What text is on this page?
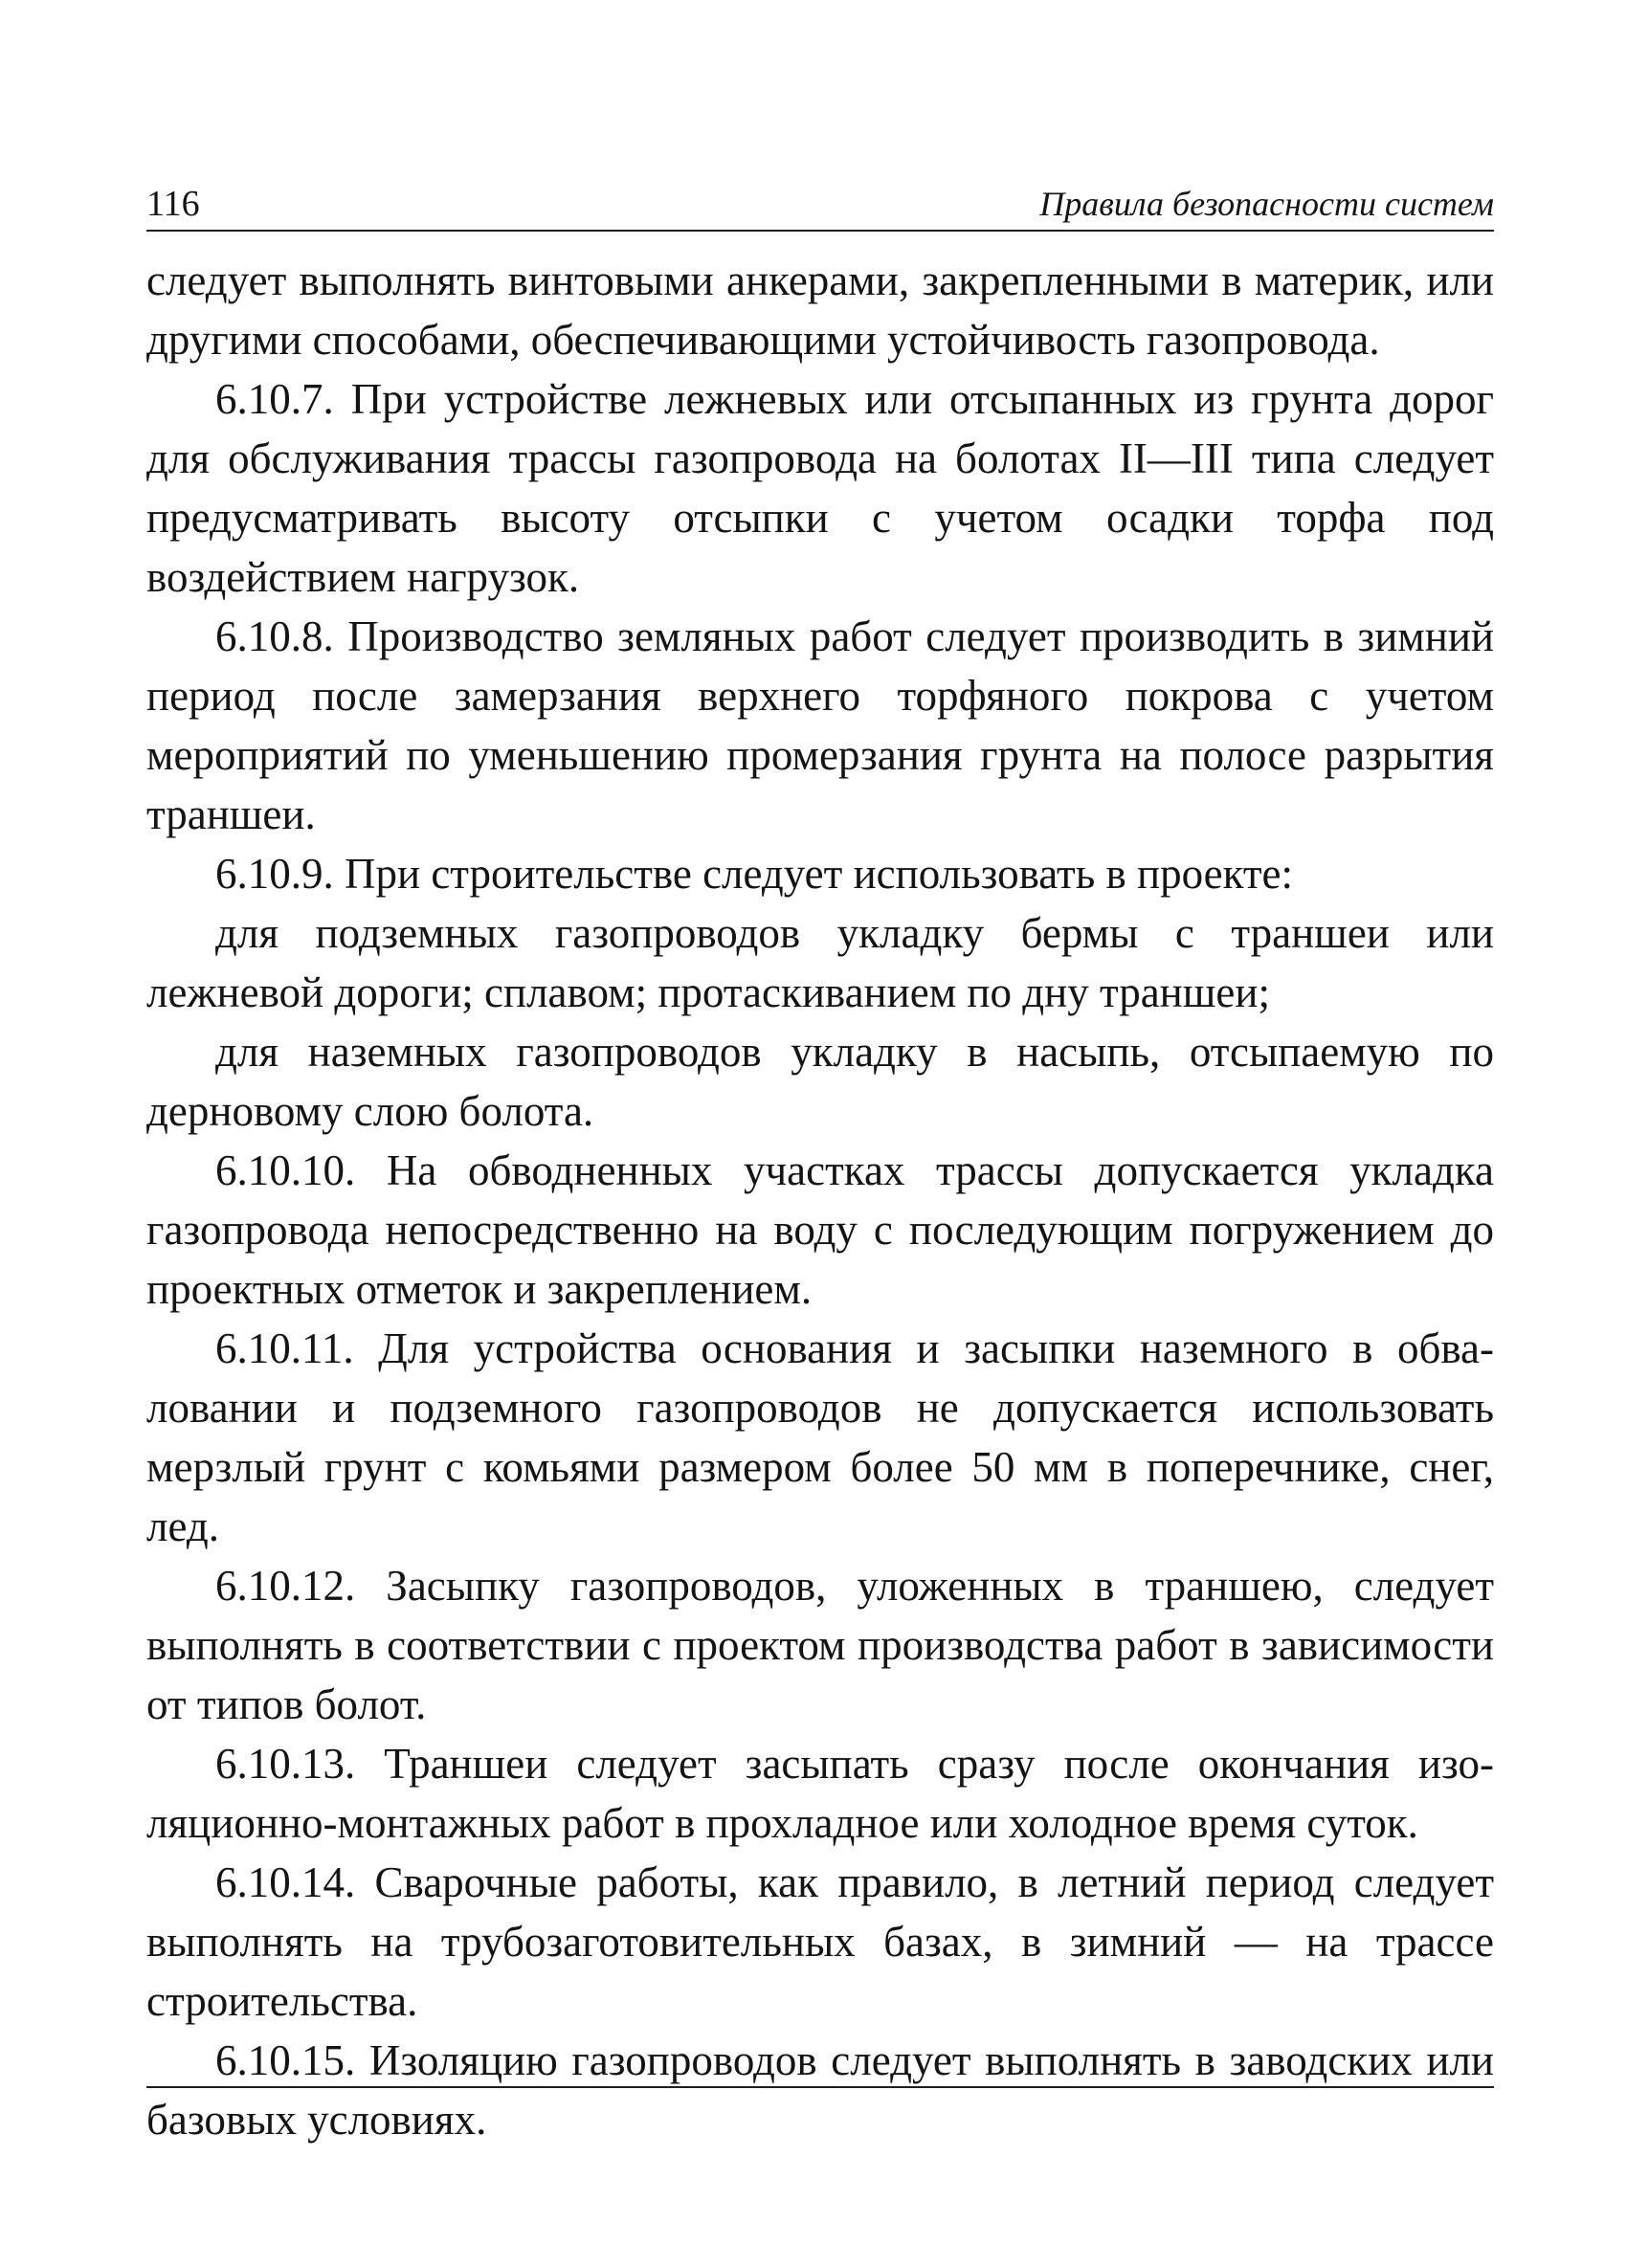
116	Правила безопасности систем

следует выполнять винтовыми анкерами, закрепленными в материк, или другими способами, обеспечивающими устойчивость газопровода.

6.10.7. При устройстве лежневых или отсыпанных из грунта дорог для обслуживания трассы газопровода на болотах II—III типа следует предусматривать высоту отсыпки с учетом осадки торфа под воздействием нагрузок.

6.10.8. Производство земляных работ следует производить в зимний период после замерзания верхнего торфяного покрова с учетом мероприятий по уменьшению промерзания грунта на полосе разрытия траншеи.

6.10.9. При строительстве следует использовать в проекте:

для подземных газопроводов укладку бермы с траншеи или лежневой дороги; сплавом; протаскиванием по дну траншеи;

для наземных газопроводов укладку в насыпь, отсыпаемую по дерновому слою болота.

6.10.10. На обводненных участках трассы допускается укладка газопровода непосредственно на воду с последующим погружением до проектных отметок и закреплением.

6.10.11. Для устройства основания и засыпки наземного в обваловании и подземного газопроводов не допускается использовать мерзлый грунт с комьями размером более 50 мм в поперечнике, снег, лед.

6.10.12. Засыпку газопроводов, уложенных в траншею, следует выполнять в соответствии с проектом производства работ в зависимости от типов болот.

6.10.13. Траншеи следует засыпать сразу после окончания изоляционно-монтажных работ в прохладное или холодное время суток.

6.10.14. Сварочные работы, как правило, в летний период следует выполнять на трубозаготовительных базах, в зимний — на трассе строительства.

6.10.15. Изоляцию газопроводов следует выполнять в заводских или базовых условиях.
